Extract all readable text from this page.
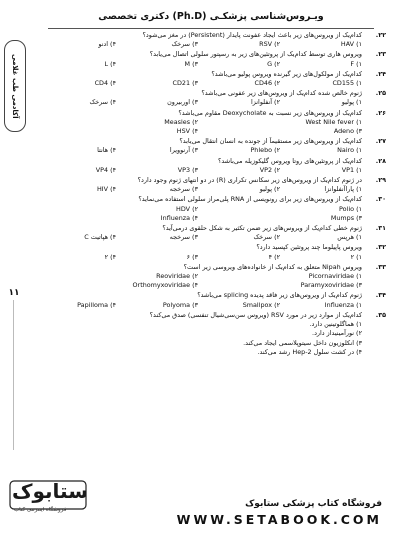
دکتری تخصصی (Ph.D) ویـروس‌شناسی پزشکـی
آکادمی طب غلامی
۱۱
۲۲.
کدام‌یک از ویروس‌های زیر باعث ایجاد عفونت پایدار (Persistent) در مغز می‌شود؟
۱) HAV
۲) RSV
۳) سرخک
۴) ادنو
۲۳.
ویروس هاری توسط کدام‌یک از پروتئین‌های زیر به رسپتور سلولی اتصال می‌یابد؟
۱) F
۲) G
۳) M
۴) L
۲۴.
کدام‌یک از مولکول‌های زیر گیرنده ویروس پولیو می‌باشد؟
۱) CD155
۲) CD46
۳) CD21
۴) CD4
۲۵.
ژنوم خالص شده کدام‌یک از ویروس‌های زیر عفونی می‌باشد؟
۱) پولیو
۲) آنفلوانزا
۳) اوربیرون
۴) سرخک
۲۶.
کدام‌یک از ویروس‌های زیر نسبت به Deoxycholate مقاوم می‌باشد؟
۱) West Nile fever
۲) Measles
۳) Adeno
۴) HSV
۲۷.
کدام‌یک از ویروس‌های زیر مستقیماً از جونده به انسان انتقال می‌یابد؟
۱) Nairo
۲) Phlebo
۳) آرنوویرا
۴) هانتا
۲۸.
کدام‌یک از پروتئین‌های روتا ویروس گلیکوزیله می‌باشد؟
۱) VP1
۲) VP2
۳) VP3
۴) VP4
۲۹.
در ژنوم کدام‌یک از ویروس‌های زیر سکانس تکراری (R) در دو انتهای ژنوم وجود دارد؟
۱) پاراآنفلوانزا
۲) پولیو
۳) سرخجه
۴) HIV
۳۰.
کدام‌یک از ویروس‌های زیر برای رونویسی از RNA پلی‌مراز سلولی استفاده می‌نماید؟
۱) Polio
۲) HDV
۳) Mumps
۴) Influenza
۳۱.
ژنوم خطی کدام‌یک از ویروس‌های زیر ضمن تکثیر به شکل حلقوی درمی‌آید؟
۱) هرپس
۲) سرخک
۳) سرخجه
۴) هپاتیت C
۳۲.
ویروس پاپیلوما چند پروتئین کپسید دارد؟
۱) ۲
۲) ۴
۳) ۶
۴) ۲
۳۳.
ویروس Nipah متعلق به کدام‌یک از خانواده‌های ویروسی زیر است؟
۱) Picornaviridae
۲) Reoviridae
۳) Paramyxoviridae
۴) Orthomyxoviridae
۳۴.
ژنوم کدام‌یک از ویروس‌های زیر فاقد پدیده splicing می‌باشد؟
۱) Influenza
۲) Smallpox
۳) Polyoma
۴) Papilloma
۳۵.
کدام‌یک از موارد زیر در مورد RSV (ویروس سن‌سی‌شیال تنفسی) صدق می‌کند؟
۱) هماگلوتینین دارد.
۲) نورآمینیداز دارد.
۳) انکلوزیون داخل سیتوپلاسمی ایجاد می‌کند.
۴) در کشت سلول Hep-2 رشد می‌کند.
ستابوک
فروشگاه اینترنتی کتاب
فروشگاه کتاب پزشکی ستابوک
WWW.SETABOOK.COM
